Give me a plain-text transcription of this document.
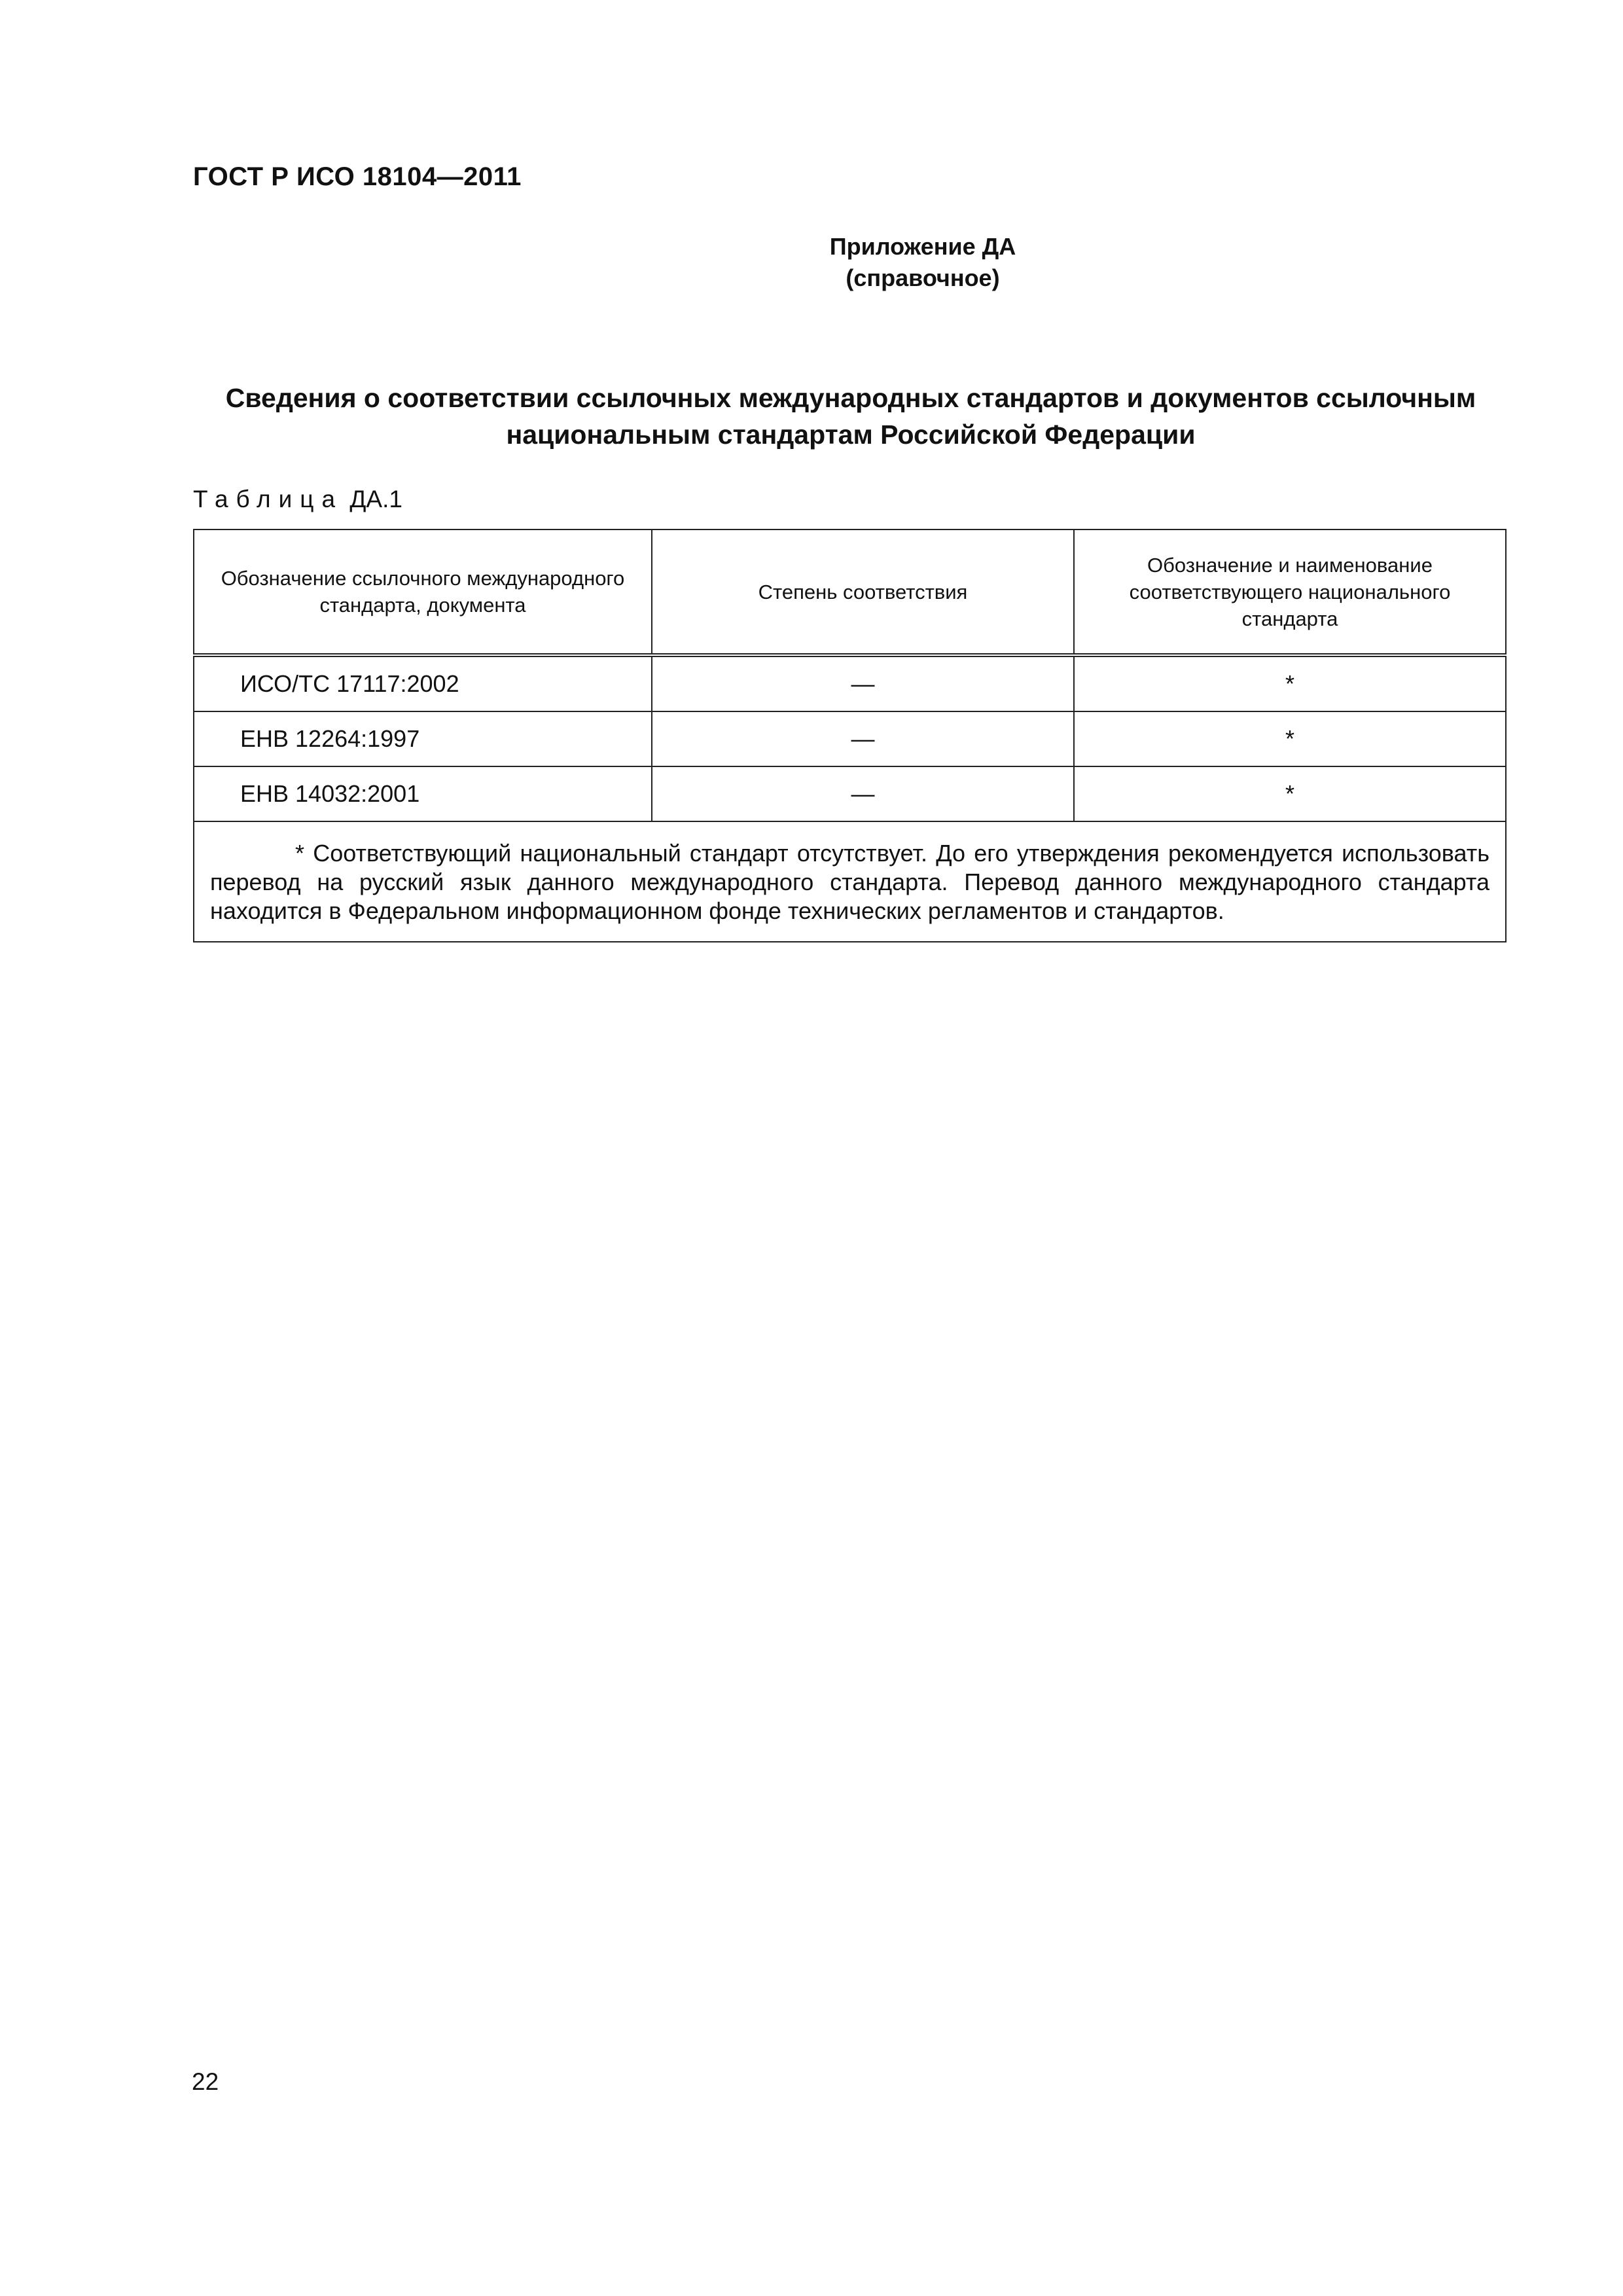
ГОСТ Р ИСО 18104—2011
Приложение ДА
(справочное)
Сведения о соответствии ссылочных международных стандартов и документов ссылочным
национальным стандартам Российской Федерации
Таблица ДА.1
Обозначение ссылочного международного стандарта, документа	Степень соответствия	Обозначение и наименование соответствующего национального стандарта
ИСО/ТС 17117:2002	—	*
ЕНВ 12264:1997	—	*
ЕНВ 14032:2001	—	*
* Соответствующий национальный стандарт отсутствует. До его утверждения рекомендуется использовать перевод на русский язык данного международного стандарта. Перевод данного международного стандарта находится в Федеральном информационном фонде технических регламентов и стандартов.		
22
